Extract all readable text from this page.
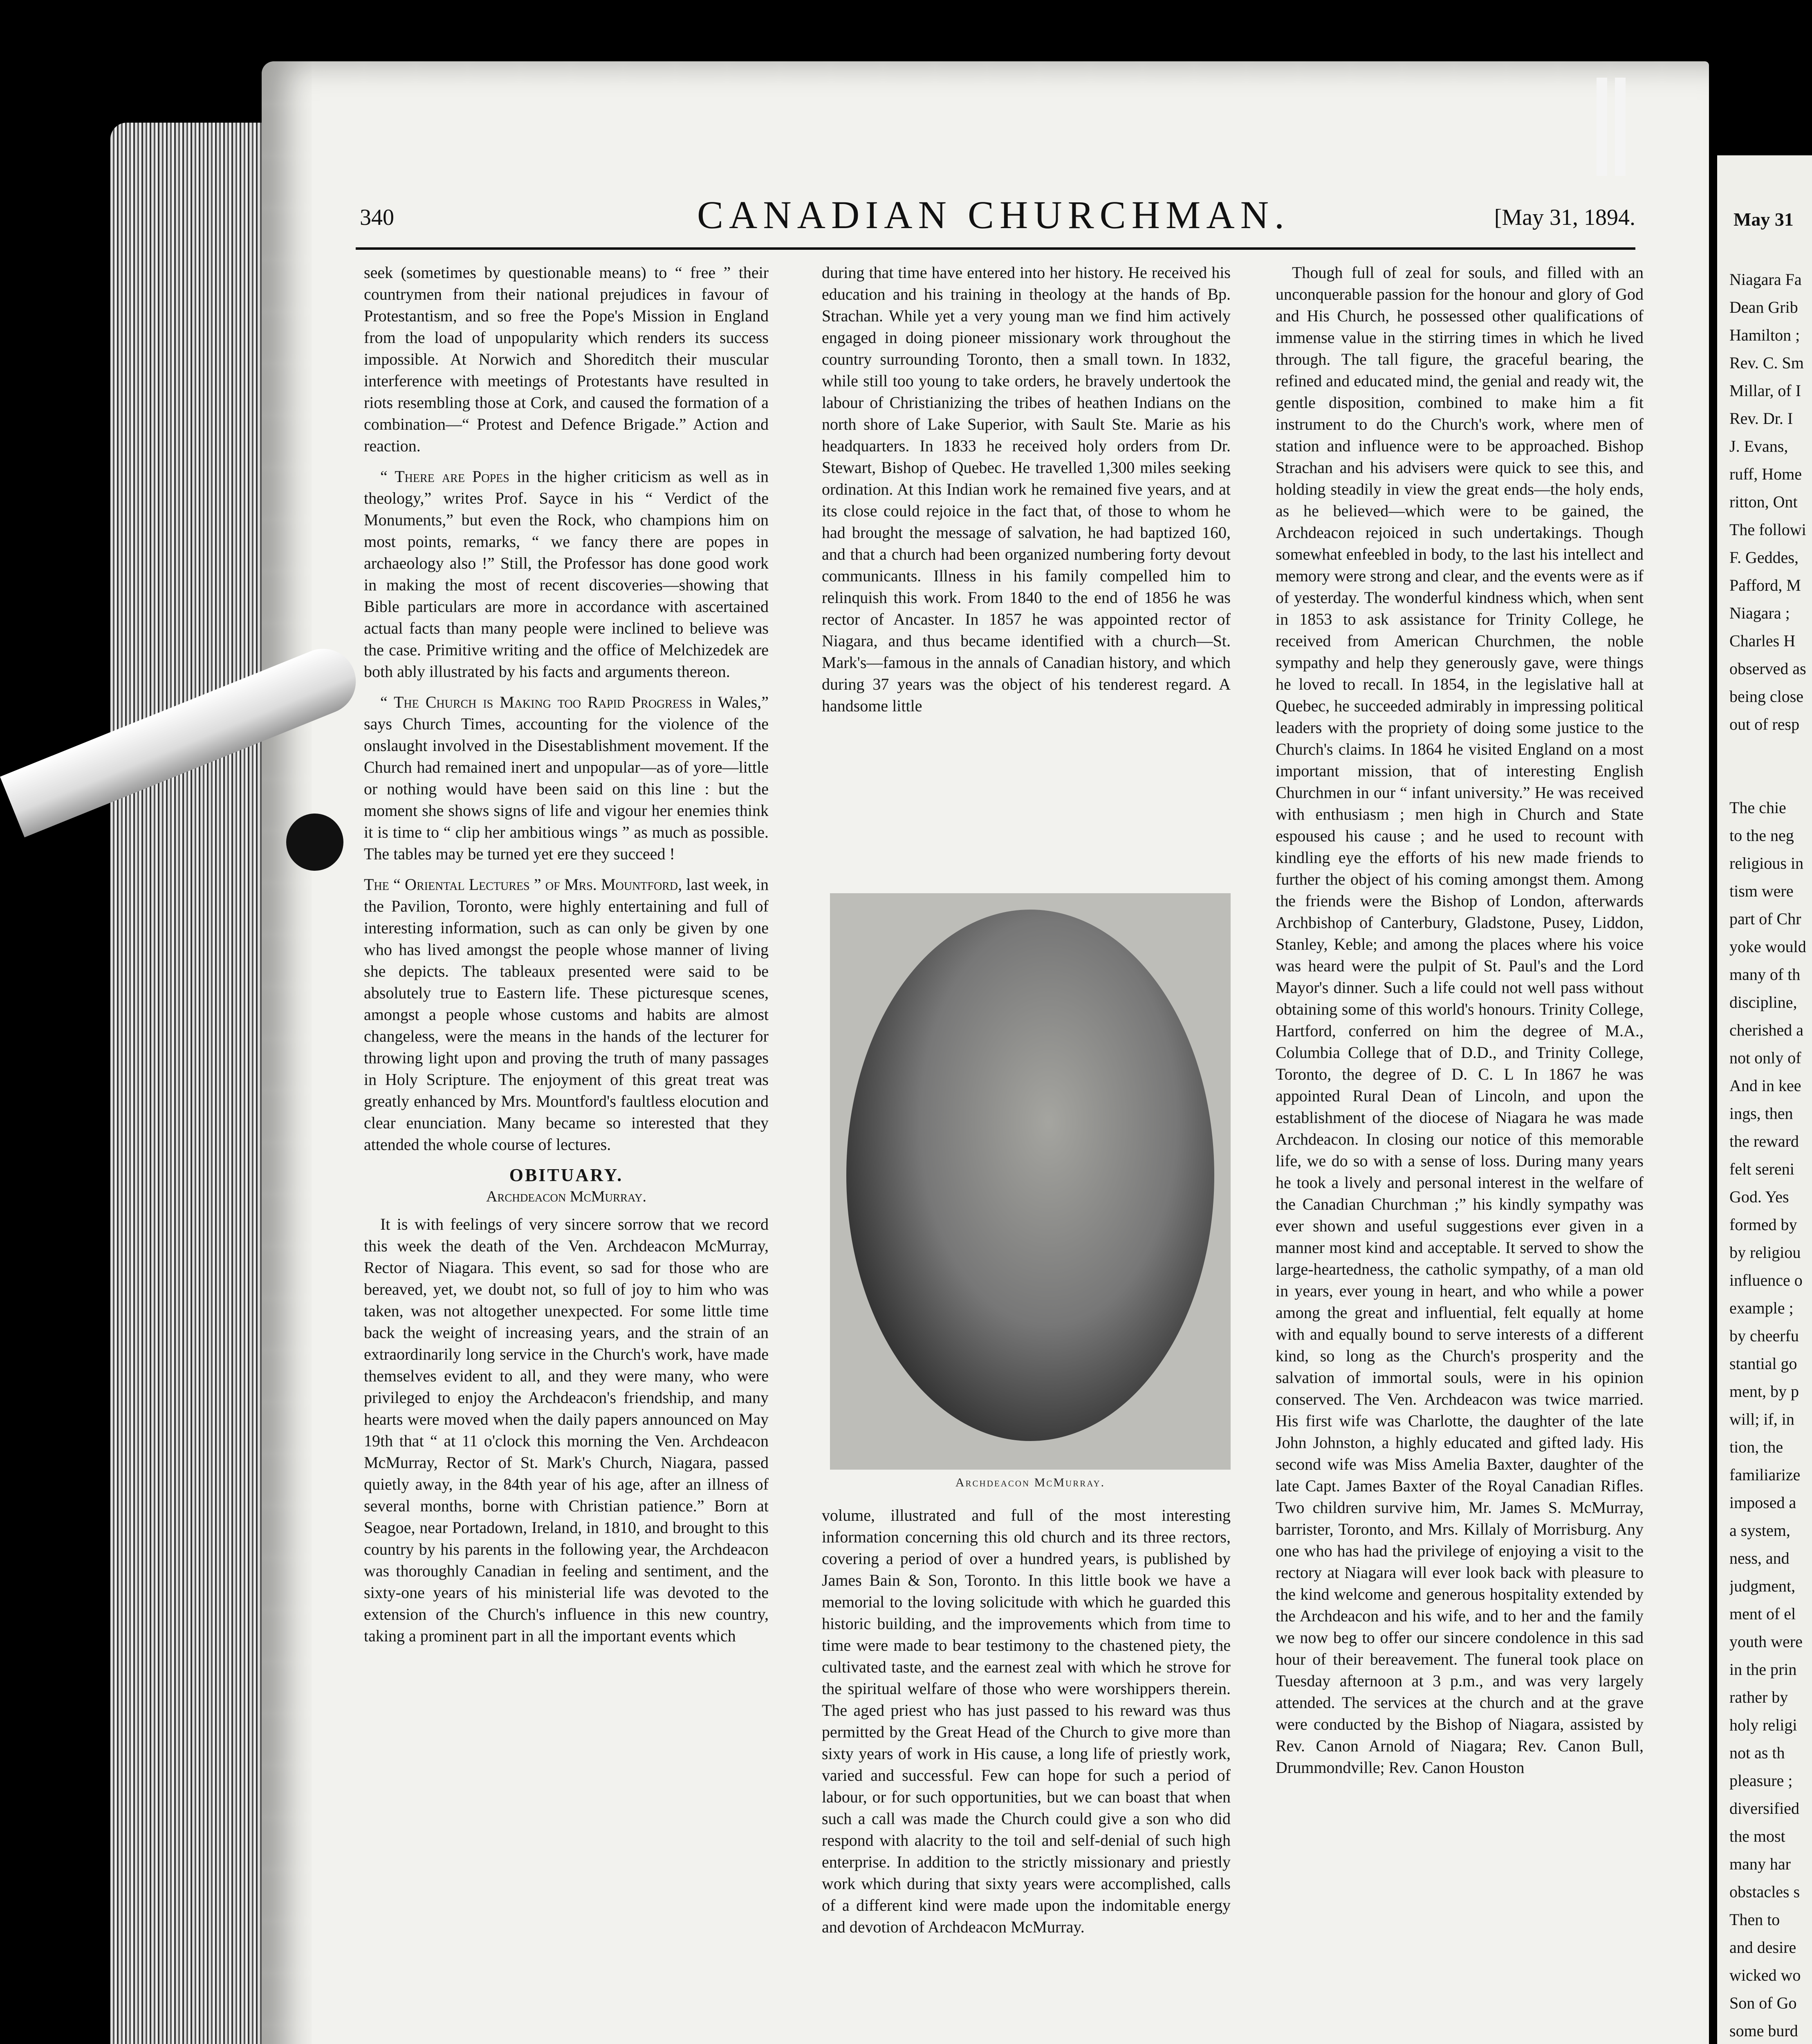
May 31
Niagara Fa
Dean Grib
Hamilton ;
Rev. C. Sm
Millar, of I
Rev. Dr. I
J. Evans,
ruff, Home
ritton, Ont
The followi
F. Geddes,
Pafford, M
Niagara ;
Charles H
observed as
being close
out of resp

The chie
to the neg
religious in
tism were
part of Chr
yoke would
many of th
discipline,
cherished a
not only of
And in kee
ings, then
the reward
felt sereni
God. Yes
formed by
by religiou
influence o
example ;
by cheerfu
stantial go
ment, by p
will; if, in
tion, the
familiarize
imposed a
a system,
ness, and
judgment,
ment of el
youth were
in the prin
rather by
holy religi
not as th
pleasure ;
diversified
the most
many har
obstacles s
Then to
and desire
wicked wo
Son of Go
some burd
340	CANADIAN CHURCHMAN.	[May 31, 1894.

seek (sometimes by questionable means) to “ free ” their countrymen from their national prejudices in favour of Protestantism, and so free the Pope's Mission in England from the load of unpopularity which renders its success impossible. At Norwich and Shoreditch their muscular interference with meetings of Protestants have resulted in riots resembling those at Cork, and caused the formation of a combination—“ Protest and Defence Brigade.” Action and reaction.

“ There are Popes in the higher criticism as well as in theology,” writes Prof. Sayce in his “ Verdict of the Monuments,” but even the Rock, who champions him on most points, remarks, “ we fancy there are popes in archaeology also !” Still, the Professor has done good work in making the most of recent discoveries—showing that Bible particulars are more in accordance with ascertained actual facts than many people were inclined to believe was the case. Primitive writing and the office of Melchizedek are both ably illustrated by his facts and arguments thereon.

“ The Church is Making too Rapid Progress in Wales,” says Church Times, accounting for the violence of the onslaught involved in the Disestablishment movement. If the Church had remained inert and unpopular—as of yore—little or nothing would have been said on this line : but the moment she shows signs of life and vigour her enemies think it is time to “ clip her ambitious wings ” as much as possible. The tables may be turned yet ere they succeed !

The “ Oriental Lectures ” of Mrs. Mountford, last week, in the Pavilion, Toronto, were highly entertaining and full of interesting information, such as can only be given by one who has lived amongst the people whose manner of living she depicts. The tableaux presented were said to be absolutely true to Eastern life. These picturesque scenes, amongst a people whose customs and habits are almost changeless, were the means in the hands of the lecturer for throwing light upon and proving the truth of many passages in Holy Scripture. The enjoyment of this great treat was greatly enhanced by Mrs. Mountford's faultless elocution and clear enunciation. Many became so interested that they attended the whole course of lectures.

OBITUARY.
Archdeacon McMurray.

It is with feelings of very sincere sorrow that we record this week the death of the Ven. Archdeacon McMurray, Rector of Niagara. This event, so sad for those who are bereaved, yet, we doubt not, so full of joy to him who was taken, was not altogether unexpected. For some little time back the weight of increasing years, and the strain of an extraordinarily long service in the Church's work, have made themselves evident to all, and they were many, who were privileged to enjoy the Archdeacon's friendship, and many hearts were moved when the daily papers announced on May 19th that “ at 11 o'clock this morning the Ven. Archdeacon McMurray, Rector of St. Mark's Church, Niagara, passed quietly away, in the 84th year of his age, after an illness of several months, borne with Christian patience.” Born at Seagoe, near Portadown, Ireland, in 1810, and brought to this country by his parents in the following year, the Archdeacon was thoroughly Canadian in feeling and sentiment, and the sixty-one years of his ministerial life was devoted to the extension of the Church's influence in this new country, taking a prominent part in all the important events which

during that time have entered into her history. He received his education and his training in theology at the hands of Bp. Strachan. While yet a very young man we find him actively engaged in doing pioneer missionary work throughout the country surrounding Toronto, then a small town. In 1832, while still too young to take orders, he bravely undertook the labour of Christianizing the tribes of heathen Indians on the north shore of Lake Superior, with Sault Ste. Marie as his headquarters. In 1833 he received holy orders from Dr. Stewart, Bishop of Quebec. He travelled 1,300 miles seeking ordination. At this Indian work he remained five years, and at its close could rejoice in the fact that, of those to whom he had brought the message of salvation, he had baptized 160, and that a church had been organized numbering forty devout communicants. Illness in his family compelled him to relinquish this work. From 1840 to the end of 1856 he was rector of Ancaster. In 1857 he was appointed rector of Niagara, and thus became identified with a church—St. Mark's—famous in the annals of Canadian history, and which during 37 years was the object of his tenderest regard. A handsome little

Archdeacon McMurray.

volume, illustrated and full of the most interesting information concerning this old church and its three rectors, covering a period of over a hundred years, is published by James Bain & Son, Toronto. In this little book we have a memorial to the loving solicitude with which he guarded this historic building, and the improvements which from time to time were made to bear testimony to the chastened piety, the cultivated taste, and the earnest zeal with which he strove for the spiritual welfare of those who were worshippers therein. The aged priest who has just passed to his reward was thus permitted by the Great Head of the Church to give more than sixty years of work in His cause, a long life of priestly work, varied and successful. Few can hope for such a period of labour, or for such opportunities, but we can boast that when such a call was made the Church could give a son who did respond with alacrity to the toil and self-denial of such high enterprise. In addition to the strictly missionary and priestly work which during that sixty years were accomplished, calls of a different kind were made upon the indomitable energy and devotion of Archdeacon McMurray.

Though full of zeal for souls, and filled with an unconquerable passion for the honour and glory of God and His Church, he possessed other qualifications of immense value in the stirring times in which he lived through. The tall figure, the graceful bearing, the refined and educated mind, the genial and ready wit, the gentle disposition, combined to make him a fit instrument to do the Church's work, where men of station and influence were to be approached. Bishop Strachan and his advisers were quick to see this, and holding steadily in view the great ends—the holy ends, as he believed—which were to be gained, the Archdeacon rejoiced in such undertakings. Though somewhat enfeebled in body, to the last his intellect and memory were strong and clear, and the events were as if of yesterday. The wonderful kindness which, when sent in 1853 to ask assistance for Trinity College, he received from American Churchmen, the noble sympathy and help they generously gave, were things he loved to recall. In 1854, in the legislative hall at Quebec, he succeeded admirably in impressing political leaders with the propriety of doing some justice to the Church's claims. In 1864 he visited England on a most important mission, that of interesting English Churchmen in our “ infant university.” He was received with enthusiasm ; men high in Church and State espoused his cause ; and he used to recount with kindling eye the efforts of his new made friends to further the object of his coming amongst them. Among the friends were the Bishop of London, afterwards Archbishop of Canterbury, Gladstone, Pusey, Liddon, Stanley, Keble; and among the places where his voice was heard were the pulpit of St. Paul's and the Lord Mayor's dinner. Such a life could not well pass without obtaining some of this world's honours. Trinity College, Hartford, conferred on him the degree of M.A., Columbia College that of D.D., and Trinity College, Toronto, the degree of D. C. L In 1867 he was appointed Rural Dean of Lincoln, and upon the establishment of the diocese of Niagara he was made Archdeacon. In closing our notice of this memorable life, we do so with a sense of loss. During many years he took a lively and personal interest in the welfare of the Canadian Churchman ;” his kindly sympathy was ever shown and useful suggestions ever given in a manner most kind and acceptable. It served to show the large-heartedness, the catholic sympathy, of a man old in years, ever young in heart, and who while a power among the great and influential, felt equally at home with and equally bound to serve interests of a different kind, so long as the Church's prosperity and the salvation of immortal souls, were in his opinion conserved. The Ven. Archdeacon was twice married. His first wife was Charlotte, the daughter of the late John Johnston, a highly educated and gifted lady. His second wife was Miss Amelia Baxter, daughter of the late Capt. James Baxter of the Royal Canadian Rifles. Two children survive him, Mr. James S. McMurray, barrister, Toronto, and Mrs. Killaly of Morrisburg. Any one who has had the privilege of enjoying a visit to the rectory at Niagara will ever look back with pleasure to the kind welcome and generous hospitality extended by the Archdeacon and his wife, and to her and the family we now beg to offer our sincere condolence in this sad hour of their bereavement. The funeral took place on Tuesday afternoon at 3 p.m., and was very largely attended. The services at the church and at the grave were conducted by the Bishop of Niagara, assisted by Rev. Canon Arnold of Niagara; Rev. Canon Bull, Drummondville; Rev. Canon Houston
